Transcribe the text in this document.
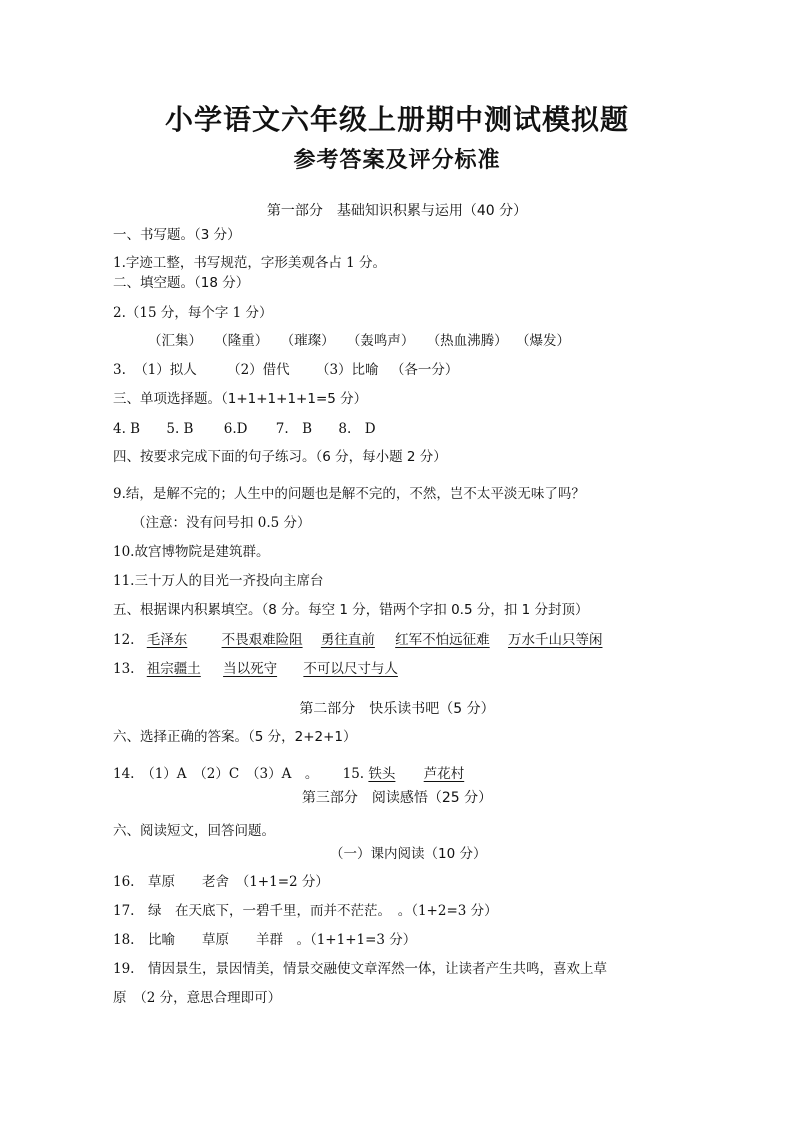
小学语文六年级上册期中测试模拟题
参考答案及评分标准
第一部分　基础知识积累与运用（40 分）
一、书写题。（3 分）
1.字迹工整，书写规范，字形美观各占 1 分。
二、填空题。（18 分）
2.（15 分，每个字 1 分）
（汇集） （隆重） （璀璨） （轰鸣声） （热血沸腾） （爆发）
3. （1）拟人 （2）借代 （3）比喻 （各一分）
三、单项选择题。（1+1+1+1+1=5 分）
4. B 5. B 6.D 7.　B 8.　D
四、按要求完成下面的句子练习。（6 分，每小题 2 分）
9.结，是解不完的；人生中的问题也是解不完的，不然，岂不太平淡无味了吗？
（注意：没有问号扣 0.5 分）
10.故宫博物院是建筑群。
11.三十万人的目光一齐投向主席台
五、根据课内积累填空。（8 分。每空 1 分，错两个字扣 0.5 分，扣 1 分封顶）
12. 毛泽东	不畏艰难险阻 勇往直前 红军不怕远征难 万水千山只等闲
13. 祖宗疆土 当以死守 不可以尺寸与人
第二部分　快乐读书吧（5 分）
六、选择正确的答案。（5 分，2+2+1）
14.　（1）A　（2）C　（3）A　。 15. 铁头 芦花村
第三部分　阅读感悟（25 分）
六、阅读短文，回答问题。
（一）课内阅读（10 分）
16.　草原　　老舍　（1+1=2 分）
17.　绿　在天底下，一碧千里，而并不茫茫。　。（1+2=3 分）
18.　比喻　　草原　　羊群　。（1+1+1=3 分）
19.　情因景生，景因情美，情景交融使文章浑然一体，让读者产生共鸣，喜欢上草
原　（2 分，意思合理即可）
